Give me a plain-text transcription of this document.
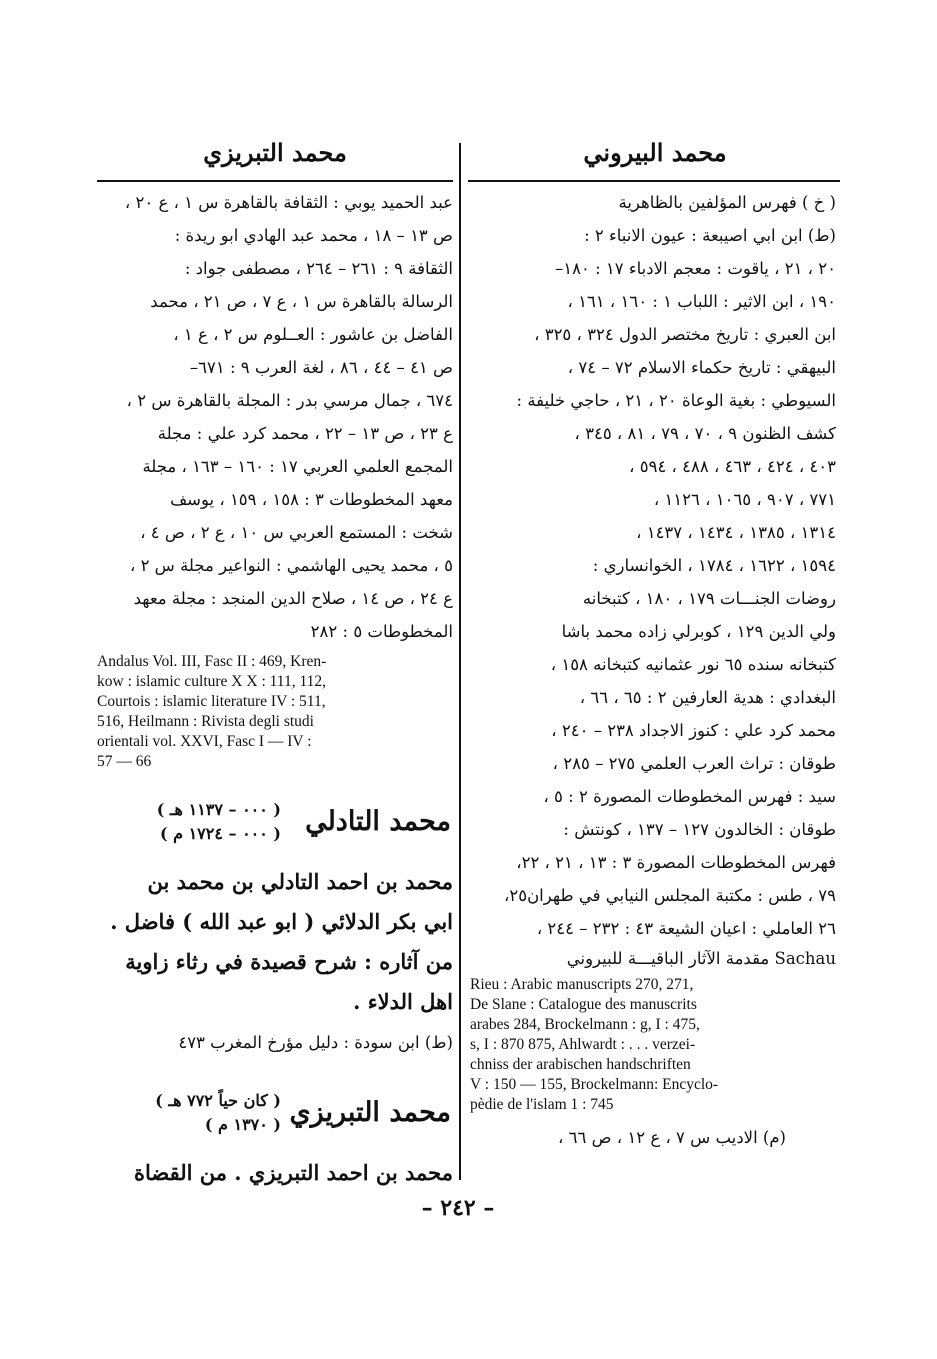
محمد البيروني
محمد التبريزي
( خ ) فهرس المؤلفين بالظاهرية
(ط) ابن ابي اصيبعة : عيون الانباء ٢ :
٢٠ ، ٢١ ، ياقوت : معجم الادباء ١٧ : ١٨٠–
١٩٠ ، ابن الاثير : اللباب ١ : ١٦٠ ، ١٦١ ،
ابن العبري : تاريخ مختصر الدول ٣٢٤ ، ٣٢٥ ،
البيهقي : تاريخ حكماء الاسلام ٧٢ – ٧٤ ،
السيوطي : بغية الوعاة ٢٠ ، ٢١ ، حاجي خليفة :
كشف الظنون ٩ ، ٧٠ ، ٧٩ ، ٨١ ، ٣٤٥ ،
٤٠٣ ، ٤٢٤ ، ٤٦٣ ، ٤٨٨ ، ٥٩٤ ،
٧٧١ ، ٩٠٧ ، ١٠٦٥ ، ١١٢٦ ،
١٣١٤ ، ١٣٨٥ ، ١٤٣٤ ، ١٤٣٧ ،
١٥٩٤ ، ١٦٢٢ ، ١٧٨٤ ، الخوانساري :
روضات الجنـــات ١٧٩ ، ١٨٠ ، كتبخانه
ولي الدين ١٢٩ ، كوبرلي زاده محمد باشا
كتبخانه سنده ٦٥ نور عثمانيه كتبخانه ١٥٨ ،
البغدادي : هدية العارفين ٢ : ٦٥ ، ٦٦ ،
محمد كرد علي : كنوز الاجداد ٢٣٨ – ٢٤٠ ،
طوقان : تراث العرب العلمي ٢٧٥ – ٢٨٥ ،
سيد : فهرس المخطوطات المصورة ٢ : ٥ ،
طوقان : الخالدون ١٢٧ – ١٣٧ ، كونتش :
فهرس المخطوطات المصورة ٣ : ١٣ ، ٢١ ، ٢٢،
٧٩ ، طس : مكتبة المجلس النيابي في طهران٢٥،
٢٦ العاملي : اعيان الشيعة ٤٣ : ٢٣٢ – ٢٤٤ ،
Sachau مقدمة الآثار الباقيـــة للبيروني
Rieu : Arabic manuscripts 270, 271,
De Slane : Catalogue des manuscrits
arabes 284, Brockelmann : g, I : 475,
s, I : 870 875, Ahlwardt : . . . verzei-
chniss der arabischen handschriften
V : 150 — 155, Brockelmann: Encyclo-
pèdie de l'islam 1 : 745
(م) الاديب س ٧ ، ع ١٢ ، ص ٦٦ ،
عبد الحميد يوبي : الثقافة بالقاهرة س ١ ، ع ٢٠ ،
ص ١٣ – ١٨ ، محمد عبد الهادي ابو ريدة :
الثقافة ٩ : ٢٦١ – ٢٦٤ ، مصطفى جواد :
الرسالة بالقاهرة س ١ ، ع ٧ ، ص ٢١ ، محمد
الفاضل بن عاشور : العــلوم س ٢ ، ع ١ ،
ص ٤١ – ٤٤ ، ٨٦ ، لغة العرب ٩ : ٦٧١–
٦٧٤ ، جمال مرسي بدر : المجلة بالقاهرة س ٢ ،
ع ٢٣ ، ص ١٣ – ٢٢ ، محمد كرد علي : مجلة
المجمع العلمي العربي ١٧ : ١٦٠ – ١٦٣ ، مجلة
معهد المخطوطات ٣ : ١٥٨ ، ١٥٩ ، يوسف
شخت : المستمع العربي س ١٠ ، ع ٢ ، ص ٤ ،
٥ ، محمد يحيى الهاشمي : النواعير مجلة س ٢ ،
ع ٢٤ ، ص ١٤ ، صلاح الدين المنجد : مجلة معهد
المخطوطات ٥ : ٢٨٢
Andalus Vol. III, Fasc II : 469, Kren-
kow : islamic culture X X : 111, 112,
Courtois : islamic literature IV : 511,
516, Heilmann : Rivista degli studi
orientali vol. XXVI, Fasc I — IV :
57 — 66
محمد التادلي
( ٠٠٠ – ١١٣٧ هـ )
( ٠٠٠ – ١٧٢٤ م )
محمد بن احمد التادلي بن محمد بن
ابي بكر الدلائي ( ابو عبد الله ) فاضل .
من آثاره : شرح قصيدة في رثاء زاوية
اهل الدلاء .
(ط) ابن سودة : دليل مؤرخ المغرب ٤٧٣
محمد التبريزي
( كان حياً ٧٧٢ هـ )
( ١٣٧٠ م )
محمد بن احمد التبريزي . من القضاة
– ٢٤٢ –
